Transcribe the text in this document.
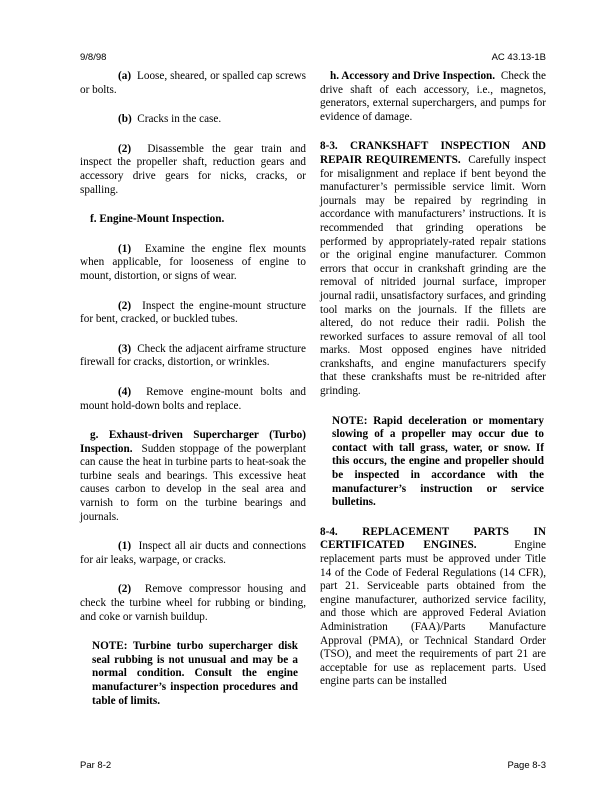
9/8/98	AC 43.13-1B

(a) Loose, sheared, or spalled cap screws or bolts.

(b) Cracks in the case.

(2) Disassemble the gear train and inspect the propeller shaft, reduction gears and accessory drive gears for nicks, cracks, or spalling.

f. Engine-Mount Inspection.

(1) Examine the engine flex mounts when applicable, for looseness of engine to mount, distortion, or signs of wear.

(2) Inspect the engine-mount structure for bent, cracked, or buckled tubes.

(3) Check the adjacent airframe structure firewall for cracks, distortion, or wrinkles.

(4) Remove engine-mount bolts and mount hold-down bolts and replace.

g. Exhaust-driven Supercharger (Turbo) Inspection. Sudden stoppage of the powerplant can cause the heat in turbine parts to heat-soak the turbine seals and bearings. This excessive heat causes carbon to develop in the seal area and varnish to form on the turbine bearings and journals.

(1) Inspect all air ducts and connections for air leaks, warpage, or cracks.

(2) Remove compressor housing and check the turbine wheel for rubbing or binding, and coke or varnish buildup.

NOTE: Turbine turbo supercharger disk seal rubbing is not unusual and may be a normal condition. Consult the engine manufacturer’s inspection procedures and table of limits.

h. Accessory and Drive Inspection. Check the drive shaft of each accessory, i.e., magnetos, generators, external superchargers, and pumps for evidence of damage.

8-3. CRANKSHAFT INSPECTION AND REPAIR REQUIREMENTS. Carefully inspect for misalignment and replace if bent beyond the manufacturer’s permissible service limit. Worn journals may be repaired by regrinding in accordance with manufacturers’ instructions. It is recommended that grinding operations be performed by appropriately-rated repair stations or the original engine manufacturer. Common errors that occur in crankshaft grinding are the removal of nitrided journal surface, improper journal radii, unsatisfactory surfaces, and grinding tool marks on the journals. If the fillets are altered, do not reduce their radii. Polish the reworked surfaces to assure removal of all tool marks. Most opposed engines have nitrided crankshafts, and engine manufacturers specify that these crankshafts must be re-nitrided after grinding.

NOTE: Rapid deceleration or momentary slowing of a propeller may occur due to contact with tall grass, water, or snow. If this occurs, the engine and propeller should be inspected in accordance with the manufacturer’s instruction or service bulletins.

8-4. REPLACEMENT PARTS IN CERTIFICATED ENGINES.	Engine replacement parts must be approved under Title 14 of the Code of Federal Regulations (14 CFR), part 21. Serviceable parts obtained from the engine manufacturer, authorized service facility, and those which are approved Federal Aviation Administration (FAA)/Parts Manufacture Approval (PMA), or Technical Standard Order (TSO), and meet the requirements of part 21 are acceptable for use as replacement parts. Used engine parts can be installed

Par 8-2	Page 8-3
